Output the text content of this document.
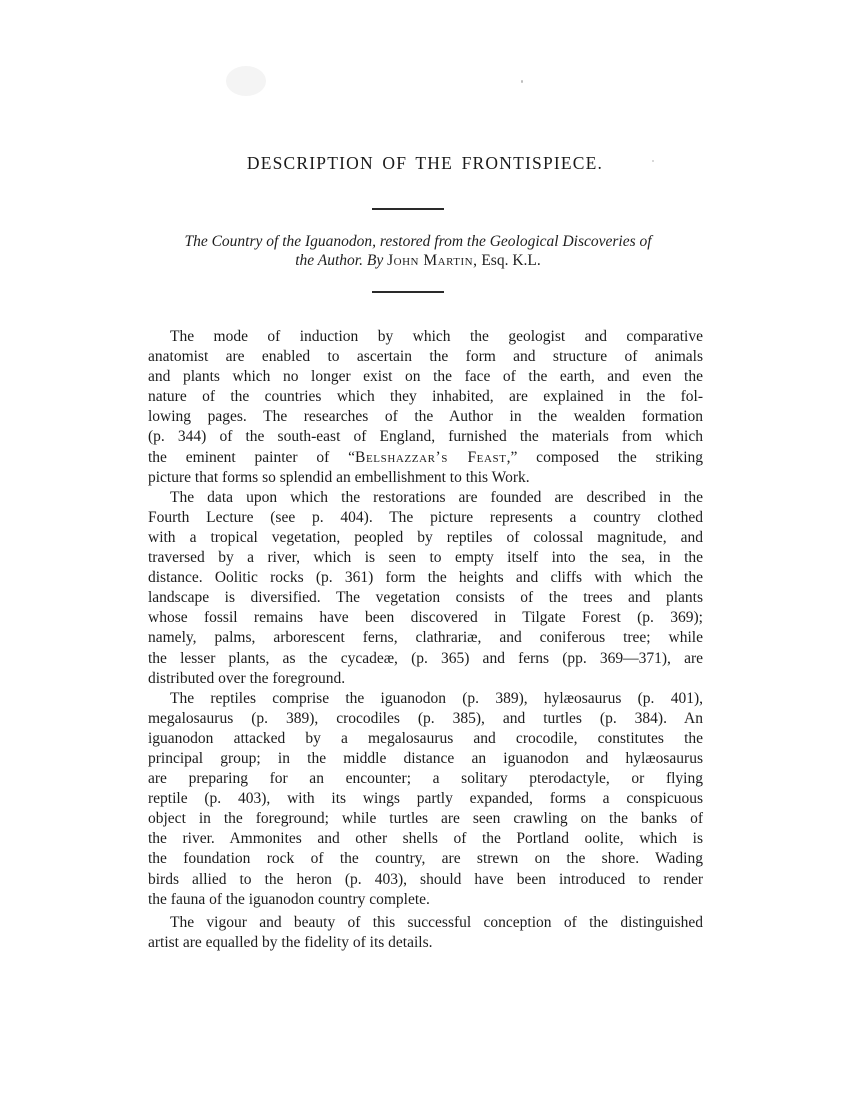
DESCRIPTION OF THE FRONTISPIECE.
The Country of the Iguanodon, restored from the Geological Discoveries of
the Author. By John Martin, Esq. K.L.
The mode of induction by which the geologist and comparative
anatomist are enabled to ascertain the form and structure of animals
and plants which no longer exist on the face of the earth, and even the
nature of the countries which they inhabited, are explained in the fol-
lowing pages. The researches of the Author in the wealden formation
(p. 344) of the south-east of England, furnished the materials from which
the eminent painter of “Belshazzar’s Feast,” composed the striking
picture that forms so splendid an embellishment to this Work.
The data upon which the restorations are founded are described in the
Fourth Lecture (see p. 404). The picture represents a country clothed
with a tropical vegetation, peopled by reptiles of colossal magnitude, and
traversed by a river, which is seen to empty itself into the sea, in the
distance. Oolitic rocks (p. 361) form the heights and cliffs with which the
landscape is diversified. The vegetation consists of the trees and plants
whose fossil remains have been discovered in Tilgate Forest (p. 369);
namely, palms, arborescent ferns, clathrariæ, and coniferous tree; while
the lesser plants, as the cycadeæ, (p. 365) and ferns (pp. 369—371), are
distributed over the foreground.
The reptiles comprise the iguanodon (p. 389), hylæosaurus (p. 401),
megalosaurus (p. 389), crocodiles (p. 385), and turtles (p. 384). An
iguanodon attacked by a megalosaurus and crocodile, constitutes the
principal group; in the middle distance an iguanodon and hylæosaurus
are preparing for an encounter; a solitary pterodactyle, or flying
reptile (p. 403), with its wings partly expanded, forms a conspicuous
object in the foreground; while turtles are seen crawling on the banks of
the river. Ammonites and other shells of the Portland oolite, which is
the foundation rock of the country, are strewn on the shore. Wading
birds allied to the heron (p. 403), should have been introduced to render
the fauna of the iguanodon country complete.
The vigour and beauty of this successful conception of the distinguished
artist are equalled by the fidelity of its details.
